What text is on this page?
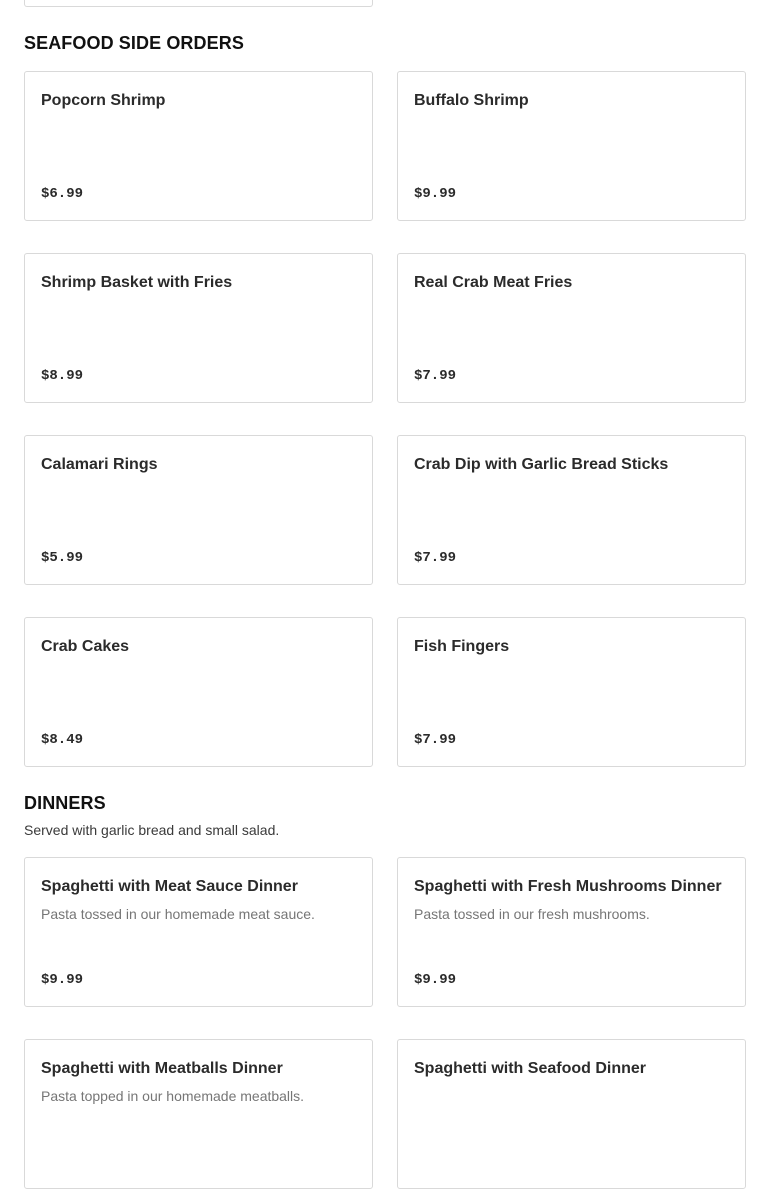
SEAFOOD SIDE ORDERS
Popcorn Shrimp
$6.99
Buffalo Shrimp
$9.99
Shrimp Basket with Fries
$8.99
Real Crab Meat Fries
$7.99
Calamari Rings
$5.99
Crab Dip with Garlic Bread Sticks
$7.99
Crab Cakes
$8.49
Fish Fingers
$7.99
DINNERS
Served with garlic bread and small salad.
Spaghetti with Meat Sauce Dinner
Pasta tossed in our homemade meat sauce.
$9.99
Spaghetti with Fresh Mushrooms Dinner
Pasta tossed in our fresh mushrooms.
$9.99
Spaghetti with Meatballs Dinner
Pasta topped in our homemade meatballs.
Spaghetti with Seafood Dinner
